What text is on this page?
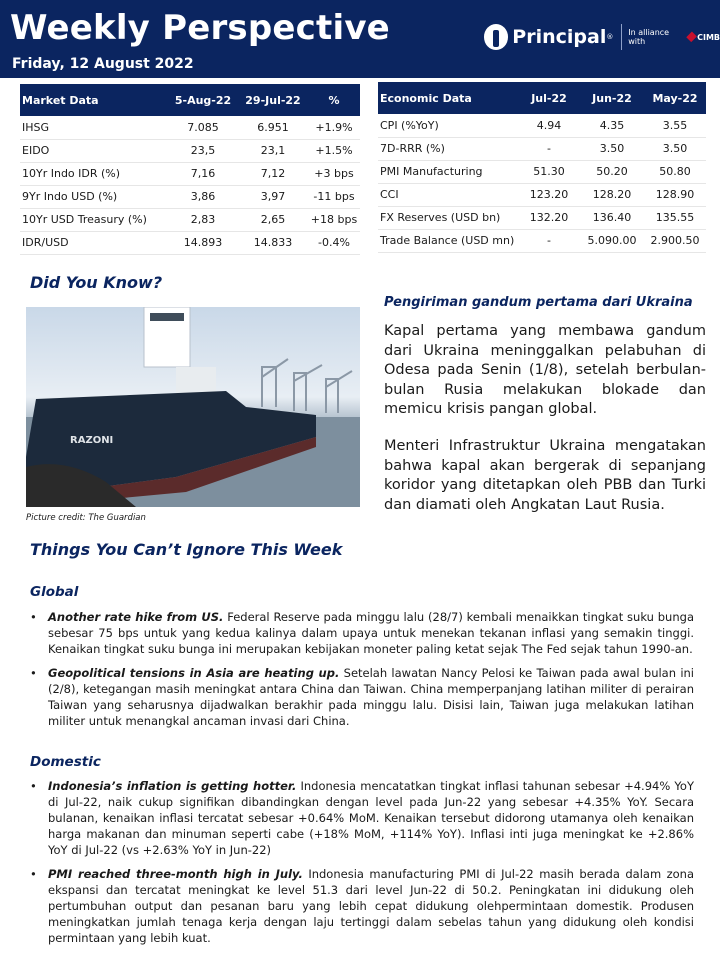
Weekly Perspective
Friday, 12 August 2022
Principal ® In alliance with	CIMB
Market Data	5-Aug-22	29-Jul-22	%
IHSG	7.085	6.951	+1.9%
EIDO	23,5	23,1	+1.5%
10Yr Indo IDR (%)	7,16	7,12	+3 bps
9Yr Indo USD (%)	3,86	3,97	-11 bps
10Yr USD Treasury (%)	2,83	2,65	+18 bps
IDR/USD	14.893	14.833	-0.4%
Economic Data	Jul-22	Jun-22	May-22
CPI (%YoY)	4.94	4.35	3.55
7D-RRR (%)	-	3.50	3.50
PMI Manufacturing	51.30	50.20	50.80
CCI	123.20	128.20	128.90
FX Reserves (USD bn)	132.20	136.40	135.55
Trade Balance (USD mn)	-	5.090.00	2.900.50
Did You Know?
RAZONI
Picture credit: The Guardian
Pengiriman gandum pertama dari Ukraina
Kapal pertama yang membawa gandum dari Ukraina meninggalkan pelabuhan di Odesa pada Senin (1/8), setelah berbulan-bulan Rusia melakukan blokade dan memicu krisis pangan global.
Menteri Infrastruktur Ukraina mengatakan bahwa kapal akan bergerak di sepanjang koridor yang ditetapkan oleh PBB dan Turki dan diamati oleh Angkatan Laut Rusia.
Things You Can’t Ignore This Week
Global
• Another rate hike from US. Federal Reserve pada minggu lalu (28/7) kembali menaikkan tingkat suku bunga sebesar 75 bps untuk yang kedua kalinya dalam upaya untuk menekan tekanan inflasi yang semakin tinggi. Kenaikan tingkat suku bunga ini merupakan kebijakan moneter paling ketat sejak The Fed sejak tahun 1990-an.
• Geopolitical tensions in Asia are heating up. Setelah lawatan Nancy Pelosi ke Taiwan pada awal bulan ini (2/8), ketegangan masih meningkat antara China dan Taiwan. China memperpanjang latihan militer di perairan Taiwan yang seharusnya dijadwalkan berakhir pada minggu lalu. Disisi lain, Taiwan juga melakukan latihan militer untuk menangkal ancaman invasi dari China.
Domestic
• Indonesia’s inflation is getting hotter. Indonesia mencatatkan tingkat inflasi tahunan sebesar +4.94% YoY di Jul-22, naik cukup signifikan dibandingkan dengan level pada Jun-22 yang sebesar +4.35% YoY. Secara bulanan, kenaikan inflasi tercatat sebesar +0.64% MoM. Kenaikan tersebut didorong utamanya oleh kenaikan harga makanan dan minuman seperti cabe (+18% MoM, +114% YoY). Inflasi inti juga meningkat ke +2.86% YoY di Jul-22 (vs +2.63% YoY in Jun-22)
• PMI reached three-month high in July. Indonesia manufacturing PMI di Jul-22 masih berada dalam zona ekspansi dan tercatat meningkat ke level 51.3 dari level Jun-22 di 50.2. Peningkatan ini didukung oleh pertumbuhan output dan pesanan baru yang lebih cepat didukung olehpermintaan domestik. Produsen meningkatkan jumlah tenaga kerja dengan laju tertinggi dalam sebelas tahun yang didukung oleh kondisi permintaan yang lebih kuat.
